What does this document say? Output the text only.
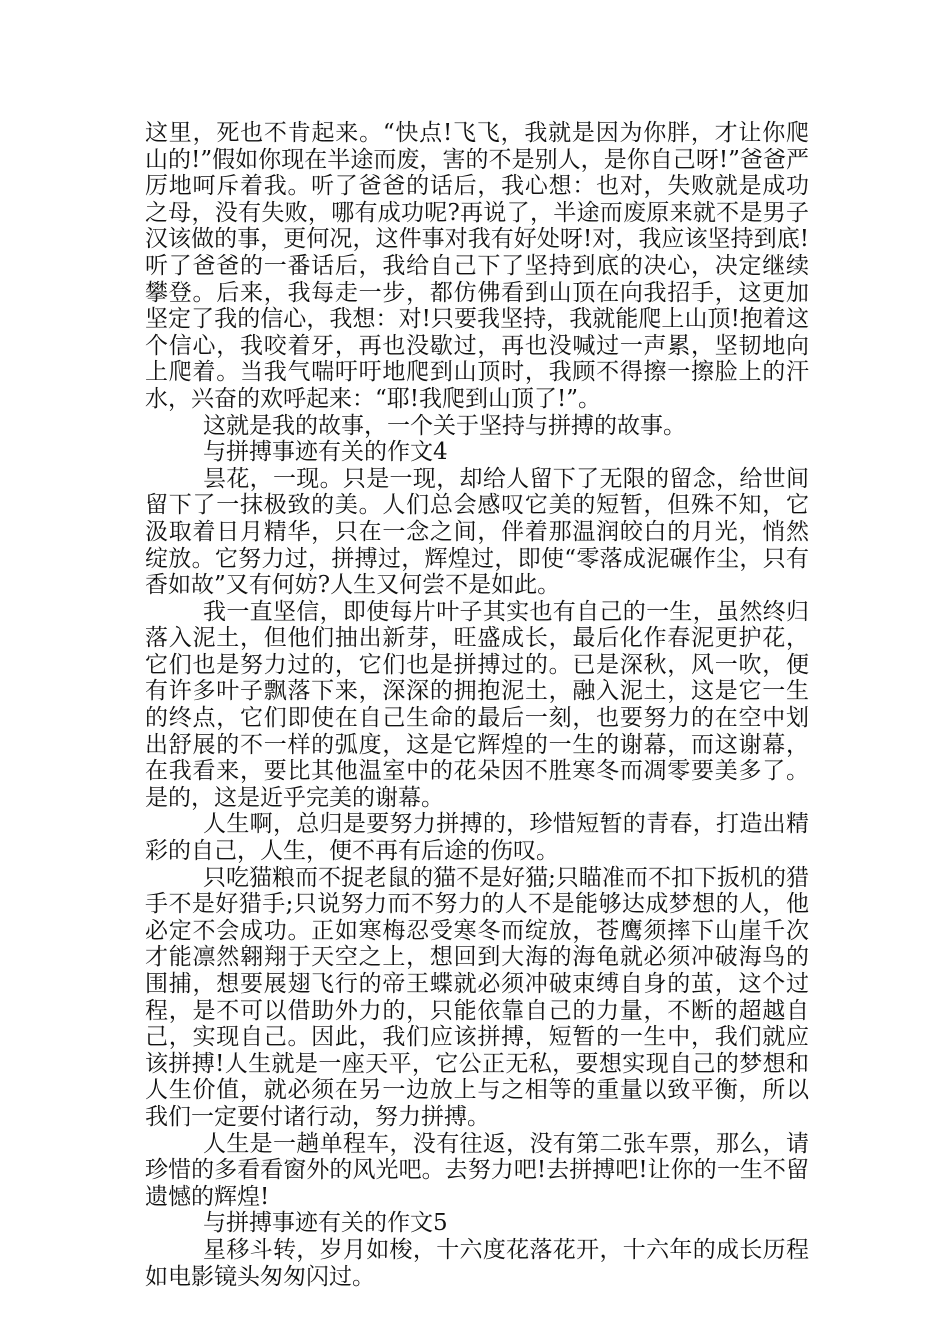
这里，死也不肯起来。“快点!飞飞，我就是因为你胖，才让你爬山的!”假如你现在半途而废，害的不是别人，是你自己呀!”爸爸严厉地呵斥着我。听了爸爸的话后，我心想：也对，失败就是成功之母，没有失败，哪有成功呢?再说了，半途而废原来就不是男子汉该做的事，更何况，这件事对我有好处呀!对，我应该坚持到底!听了爸爸的一番话后，我给自己下了坚持到底的决心，决定继续攀登。后来，我每走一步，都仿佛看到山顶在向我招手，这更加坚定了我的信心，我想：对!只要我坚持，我就能爬上山顶!抱着这个信心，我咬着牙，再也没歇过，再也没喊过一声累，坚韧地向上爬着。当我气喘吁吁地爬到山顶时，我顾不得擦一擦脸上的汗水，兴奋的欢呼起来：“耶!我爬到山顶了!”。

这就是我的故事，一个关于坚持与拼搏的故事。

与拼搏事迹有关的作文4

昙花，一现。只是一现，却给人留下了无限的留念，给世间留下了一抹极致的美。人们总会感叹它美的短暂，但殊不知，它汲取着日月精华，只在一念之间，伴着那温润皎白的月光，悄然绽放。它努力过，拼搏过，辉煌过，即使“零落成泥碾作尘，只有香如故”又有何妨?人生又何尝不是如此。

我一直坚信，即使每片叶子其实也有自己的一生，虽然终归落入泥土，但他们抽出新芽，旺盛成长，最后化作春泥更护花，它们也是努力过的，它们也是拼搏过的。已是深秋，风一吹，便有许多叶子飘落下来，深深的拥抱泥土，融入泥土，这是它一生的终点，它们即使在自己生命的最后一刻，也要努力的在空中划出舒展的不一样的弧度，这是它辉煌的一生的谢幕，而这谢幕，在我看来，要比其他温室中的花朵因不胜寒冬而凋零要美多了。是的，这是近乎完美的谢幕。

人生啊，总归是要努力拼搏的，珍惜短暂的青春，打造出精彩的自己，人生，便不再有后途的伤叹。

只吃猫粮而不捉老鼠的猫不是好猫;只瞄准而不扣下扳机的猎手不是好猎手;只说努力而不努力的人不是能够达成梦想的人，他必定不会成功。正如寒梅忍受寒冬而绽放，苍鹰须摔下山崖千次才能凛然翱翔于天空之上，想回到大海的海龟就必须冲破海鸟的围捕，想要展翅飞行的帝王蝶就必须冲破束缚自身的茧，这个过程，是不可以借助外力的，只能依靠自己的力量，不断的超越自己，实现自己。因此，我们应该拼搏，短暂的一生中，我们就应该拼搏!人生就是一座天平，它公正无私，要想实现自己的梦想和人生价值，就必须在另一边放上与之相等的重量以致平衡，所以我们一定要付诸行动，努力拼搏。

人生是一趟单程车，没有往返，没有第二张车票，那么，请珍惜的多看看窗外的风光吧。去努力吧!去拼搏吧!让你的一生不留遗憾的辉煌!

与拼搏事迹有关的作文5

星移斗转，岁月如梭，十六度花落花开，十六年的成长历程如电影镜头匆匆闪过。
